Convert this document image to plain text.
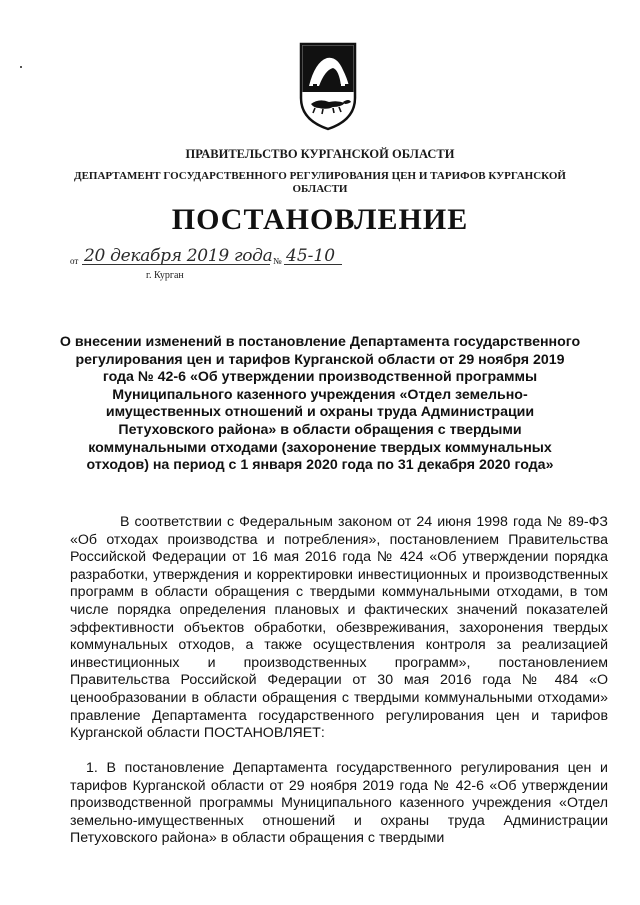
ПРАВИТЕЛЬСТВО КУРГАНСКОЙ ОБЛАСТИ
ДЕПАРТАМЕНТ ГОСУДАРСТВЕННОГО РЕГУЛИРОВАНИЯ ЦЕН И ТАРИФОВ КУРГАНСКОЙ ОБЛАСТИ
ПОСТАНОВЛЕНИЕ
от 20 декабря 2019 года № 45-10
г. Курган
О внесении изменений в постановление Департамента государственного регулирования цен и тарифов Курганской области от 29 ноября 2019 года № 42-6 «Об утверждении производственной программы Муниципального казенного учреждения «Отдел земельно-имущественных отношений и охраны труда Администрации Петуховского района» в области обращения с твердыми коммунальными отходами (захоронение твердых коммунальных отходов) на период с 1 января 2020 года по 31 декабря 2020 года»
В соответствии с Федеральным законом от 24 июня 1998 года № 89-ФЗ «Об отходах производства и потребления», постановлением Правительства Российской Федерации от 16 мая 2016 года № 424 «Об утверждении порядка разработки, утверждения и корректировки инвестиционных и производственных программ в области обращения с твердыми коммунальными отходами, в том числе порядка определения плановых и фактических значений показателей эффективности объектов обработки, обезвреживания, захоронения твердых коммунальных отходов, а также осуществления контроля за реализацией инвестиционных и производственных программ», постановлением Правительства Российской Федерации от 30 мая 2016 года № 484 «О ценообразовании в области обращения с твердыми коммунальными отходами» правление Департамента государственного регулирования цен и тарифов Курганской области ПОСТАНОВЛЯЕТ:
1. В постановление Департамента государственного регулирования цен и тарифов Курганской области от 29 ноября 2019 года № 42-6 «Об утверждении производственной программы Муниципального казенного учреждения «Отдел земельно-имущественных отношений и охраны труда Администрации Петуховского района» в области обращения с твердыми
